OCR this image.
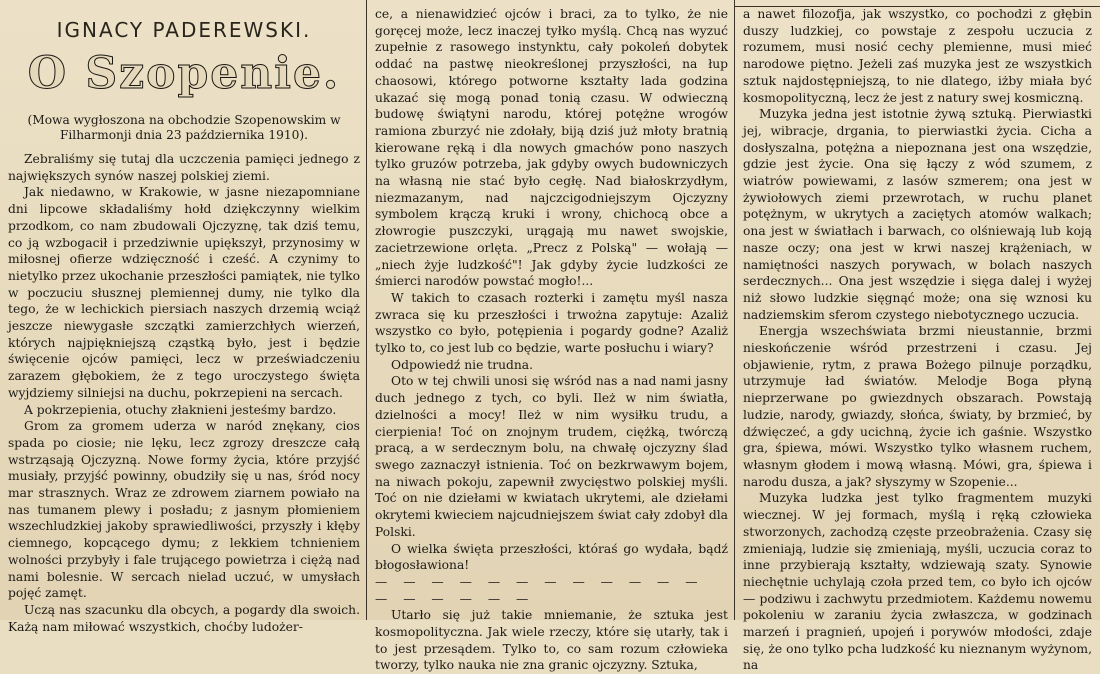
IGNACY PADEREWSKI.
O Szopenie.
(Mowa wygłoszona na obchodzie Szopenowskim w Filharmonji dnia 23 października 1910).

Zebraliśmy się tutaj dla uczczenia pamięci jednego z największych synów naszej polskiej ziemi.

Jak niedawno, w Krakowie, w jasne niezapomniane dni lipcowe składaliśmy hołd dziękczynny wielkim przodkom, co nam zbudowali Ojczyznę, tak dziś temu, co ją wzbogacił i przedziwnie upiększył, przynosimy w miłosnej ofierze wdzięczność i cześć. A czynimy to nietylko przez ukochanie przeszłości pamiątek, nie tylko w poczuciu słusznej plemiennej dumy, nie tylko dla tego, że w lechickich piersiach naszych drzemią wciąż jeszcze niewygasłe szczątki zamierzchłych wierzeń, których najpiękniejszą cząstką było, jest i będzie święcenie ojców pamięci, lecz w przeświadczeniu zarazem głębokiem, że z tego uroczystego święta wyjdziemy silniejsi na duchu, pokrzepieni na sercach.

A pokrzepienia, otuchy złaknieni jesteśmy bardzo.

Grom za gromem uderza w naród znękany, cios spada po ciosie; nie lęku, lecz zgrozy dreszcze całą wstrząsają Ojczyzną. Nowe formy życia, które przyjść musiały, przyjść powinny, obudziły się u nas, śród nocy mar strasznych. Wraz ze zdrowem ziarnem powiało na nas tumanem plewy i posładu; z jasnym płomieniem wszechludzkiej jakoby sprawiedliwości, przyszły i kłęby ciemnego, kopcącego dymu; z lekkiem tchnieniem wolności przybyły i fale trującego powietrza i ciężą nad nami bolesnie. W sercach nielad uczuć, w umysłach pojęć zamęt.

Uczą nas szacunku dla obcych, a pogardy dla swoich. Każą nam miłować wszystkich, choćby ludożer-

ce, a nienawidzieć ojców i braci, za to tylko, że nie goręcej może, lecz inaczej tyłko myślą. Chcą nas wyzuć zupełnie z rasowego instynktu, cały pokoleń dobytek oddać na pastwę nieokreślonej przyszłości, na łup chaosowi, którego potworne kształty lada godzina ukazać się mogą ponad tonią czasu. W odwieczną budowę świątyni narodu, której potężne wrogów ramiona zburzyć nie zdołały, biją dziś już młoty bratnią kierowane ręką i dla nowych gmachów pono naszych tylko gruzów potrzeba, jak gdyby owych budowniczych na własną nie stać było cegłę. Nad białoskrzydłym, niezmazanym, nad najczcigodniejszym Ojczyzny symbolem krączą kruki i wrony, chichocą obce a złowrogie puszczyki, urągają mu nawet swojskie, zacietrzewione orlęta. „Precz z Polską" — wołają — „niech żyje ludzkość"! Jak gdyby życie ludzkości ze śmierci narodów powstać mogło!...

W takich to czasach rozterki i zamętu myśl nasza zwraca się ku przeszłości i trwożna zapytuje: Azaliż wszystko co było, potępienia i pogardy godne? Azaliż tylko to, co jest lub co będzie, warte posłuchu i wiary?

Odpowiedź nie trudna.

Oto w tej chwili unosi się wśród nas a nad nami jasny duch jednego z tych, co byli. Ileż w nim światła, dzielności a mocy! Ileż w nim wysiłku trudu, a cierpienia! Toć on znojnym trudem, ciężką, twórczą pracą, a w serdecznym bolu, na chwałę ojczyzny ślad swego zaznaczył istnienia. Toć on bezkrwawym bojem, na niwach pokoju, zapewnił zwycięstwo polskiej myśli. Toć on nie dziełami w kwiatach ukrytemi, ale dziełami okrytemi kwieciem najcudniejszem świat cały zdobył dla Polski.

O wielka święta przeszłości, któraś go wydała, bądź błogosławiona!

— — — — — — — — — — — — — — — — — —

Utarło się już takie mniemanie, że sztuka jest kosmopolityczna. Jak wiele rzeczy, które się utarły, tak i to jest przesądem. Tylko to, co sam rozum człowieka tworzy, tylko nauka nie zna granic ojczyzny. Sztuka,

a nawet filozofja, jak wszystko, co pochodzi z głębin duszy ludzkiej, co powstaje z zespołu uczucia z rozumem, musi nosić cechy plemienne, musi mieć narodowe piętno. Jeżeli zaś muzyka jest ze wszystkich sztuk najdostępniejszą, to nie dlatego, iżby miała być kosmopolityczną, lecz że jest z natury swej kosmiczną.

Muzyka jedna jest istotnie żywą sztuką. Pierwiastki jej, wibracje, drgania, to pierwiastki życia. Cicha a dosłyszalna, potężna a niepoznana jest ona wszędzie, gdzie jest życie. Ona się łączy z wód szumem, z wiatrów powiewami, z lasów szmerem; ona jest w żywiołowych ziemi przewrotach, w ruchu planet potężnym, w ukrytych a zaciętych atomów walkach; ona jest w światłach i barwach, co olśniewają lub koją nasze oczy; ona jest w krwi naszej krążeniach, w namiętności naszych porywach, w bolach naszych serdecznych... Ona jest wszędzie i sięga dalej i wyżej niż słowo ludzkie sięgnąć może; ona się wznosi ku nadziemskim sferom czystego niebotycznego uczucia.

Energja wszechświata brzmi nieustannie, brzmi nieskończenie wśród przestrzeni i czasu. Jej objawienie, rytm, z prawa Bożego pilnuje porządku, utrzymuje ład światów. Melodje Boga płyną nieprzerwane po gwiezdnych obszarach. Powstają ludzie, narody, gwiazdy, słońca, światy, by brzmieć, by dźwięczeć, a gdy ucichną, życie ich gaśnie. Wszystko gra, śpiewa, mówi. Wszystko tylko własnem ruchem, własnym głodem i mową własną. Mówi, gra, śpiewa i narodu dusza, a jak? słyszymy w Szopenie...

Muzyka ludzka jest tylko fragmentem muzyki wiecznej. W jej formach, myślą i ręką człowieka stworzonych, zachodzą częste przeobrażenia. Czasy się zmieniają, ludzie się zmieniają, myśli, uczucia coraz to inne przybierają kształty, wdziewają szaty. Synowie niechętnie uchylają czoła przed tem, co było ich ojców — podziwu i zachwytu przedmiotem. Każdemu nowemu pokoleniu w zaraniu życia zwłaszcza, w godzinach marzeń i pragnień, upojeń i porywów młodości, zdaje się, że ono tylko pcha ludzkość ku nieznanym wyżynom, na
